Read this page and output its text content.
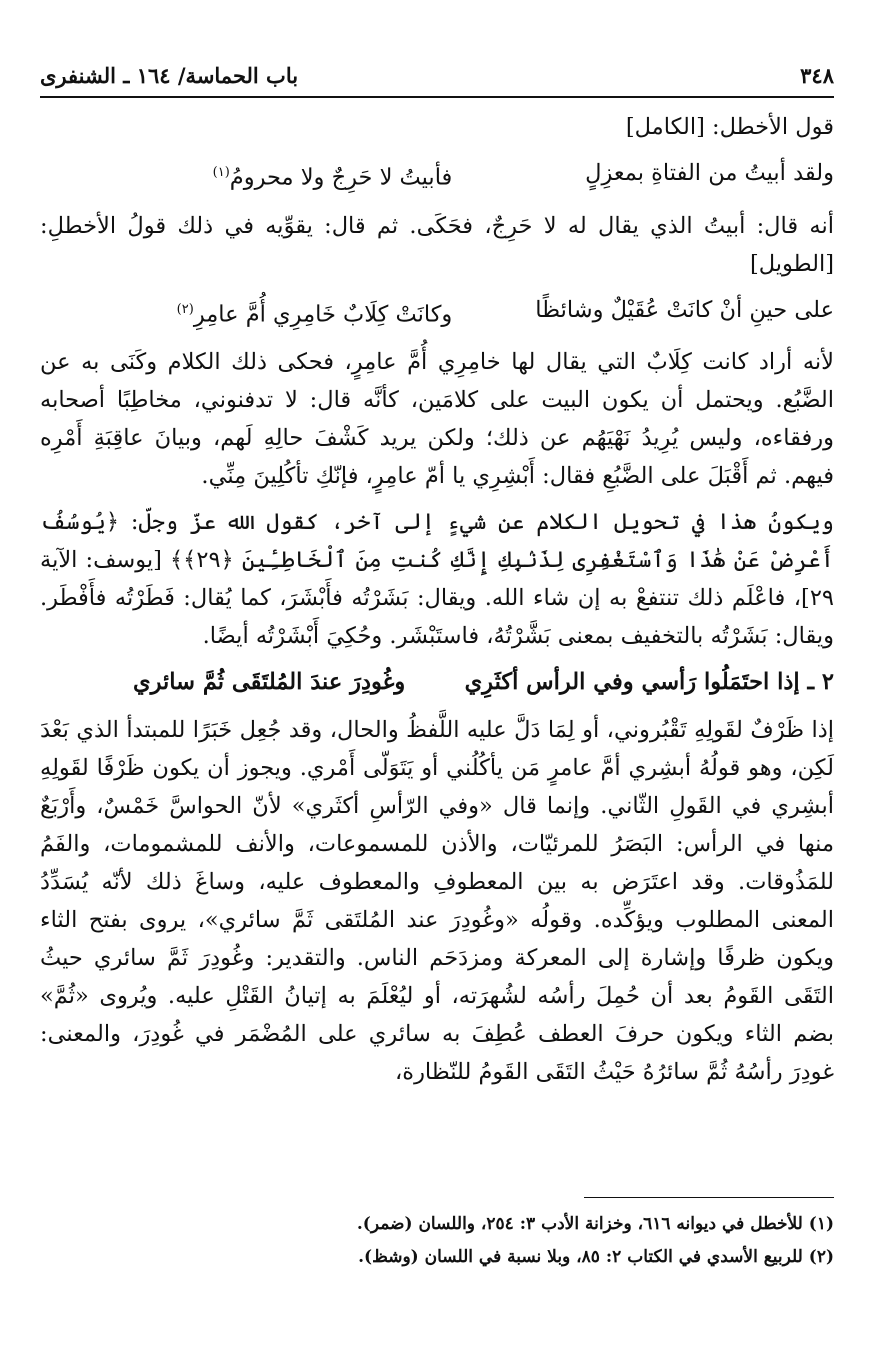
٣٤٨
باب الحماسة/ ١٦٤ ـ الشنفرى

قول الأخطل: [الكامل]

ولقد أبيتُ من الفتاةِ بمعزِلٍ
فأبيتُ لا حَرِجٌ ولا محرومُ$^{(١)}$

أنه قال: أبيتُ الذي يقال له لا حَرِجٌ، فحَكَى. ثم قال: يقوِّيه في ذلك قولُ الأخطلِ: [الطويل]

على حينِ أنْ كانَتْ عُقَيْلٌ وشائظًا
وكانَتْ كِلَابٌ خَامِرِي أُمَّ عامِرِ$^{(٢)}$

لأنه أراد كانت كِلَابٌ التي يقال لها خامِرِي أُمَّ عامِرٍ، فحكى ذلك الكلام وكَنَى به عن الضَّبُع. ويحتمل أن يكون البيت على كلامَين، كأنَّه قال: لا تدفنوني، مخاطِبًا أصحابه ورفقاءه، وليس يُرِيدُ نَهْيَهُم عن ذلك؛ ولكن يريد كَشْفَ حالِهِ لَهم، وبيانَ عاقِبَةِ أَمْرِه فيهم. ثم أَقْبَلَ على الضَّبُعِ فقال: أَبْشِرِي يا أمّ عامِرٍ، فإنّكِ تأكُلِينَ مِنِّي.

ويكونُ هذا في تحويل الكلام عن شيءٍ إلى آخر، كقول الله عزّ وجلّ: ﴿يُوسُفُ أَعْرِضْ عَنْ هَٰذَا وَٱسْتَغْفِرِى لِذَنۢبِكِ إِنَّكِ كُنتِ مِنَ ٱلْخَاطِـِٔينَ ﴿٢٩﴾﴾ [يوسف: الآية ٢٩]، فاعْلَم ذلك تنتفعْ به إن شاء الله. ويقال: بَشَرْتُه فأَبْشَرَ، كما يُقال: فَطَرْتُه فأَفْطَر. ويقال: بَشَرْتُه بالتخفيف بمعنى بَشَّرْتُهُ، فاستَبْشَر. وحُكِيَ أَبْشَرْتُه أيضًا.

٢ ـ إذا احتَمَلُوا رَأسي وفي الرأس أكثَرِي
وغُودِرَ عندَ المُلتَقَى ثُمَّ سائري

إذا ظَرْفٌ لقَولِهِ تَقْبُروني، أو لِمَا دَلَّ عليه اللَّفظُ والحال، وقد جُعِل خَبَرًا للمبتدأ الذي بَعْدَ لَكِن، وهو قولُهُ أبشِري أمَّ عامرٍ مَن يأكُلُني أو يَتَوَلّى أَمْري. ويجوز أن يكون ظَرْفًا لقَولِهِ أبشِري في القَولِ الثّاني. وإنما قال «وفي الرّأسِ أكثَري» لأنّ الحواسَّ خَمْسٌ، وأَرْبَعٌ منها في الرأس: البَصَرُ للمرئيّات، والأذن للمسموعات، والأنف للمشمومات، والفَمُ للمَذُوقات. وقد اعتَرَض به بين المعطوفِ والمعطوف عليه، وساغَ ذلك لأنّه يُسَدِّدُ المعنى المطلوب ويؤكِّده. وقولُه «وغُودِرَ عند المُلتَقى ثَمَّ سائري»، يروى بفتح الثاء ويكون ظرفًا وإشارة إلى المعركة ومزدَحَم الناس. والتقدير: وغُودِرَ ثَمَّ سائري حيثُ التَقَى القَومُ بعد أن حُمِلَ رأسُه لشُهرَته، أو ليُعْلَمَ به إتيانُ القَتْلِ عليه. ويُروى «ثُمَّ» بضم الثاء ويكون حرفَ العطف عُطِفَ به سائري على المُضْمَر في غُودِرَ، والمعنى: غودِرَ رأسُهُ ثُمَّ سائرُهُ حَيْثُ التَقَى القَومُ للنّظارة،

(١) للأخطل في ديوانه ٦١٦، وخزانة الأدب ٣: ٢٥٤، واللسان (ضمر).
(٢) للربيع الأسدي في الكتاب ٢: ٨٥، وبلا نسبة في اللسان (وشظ).
